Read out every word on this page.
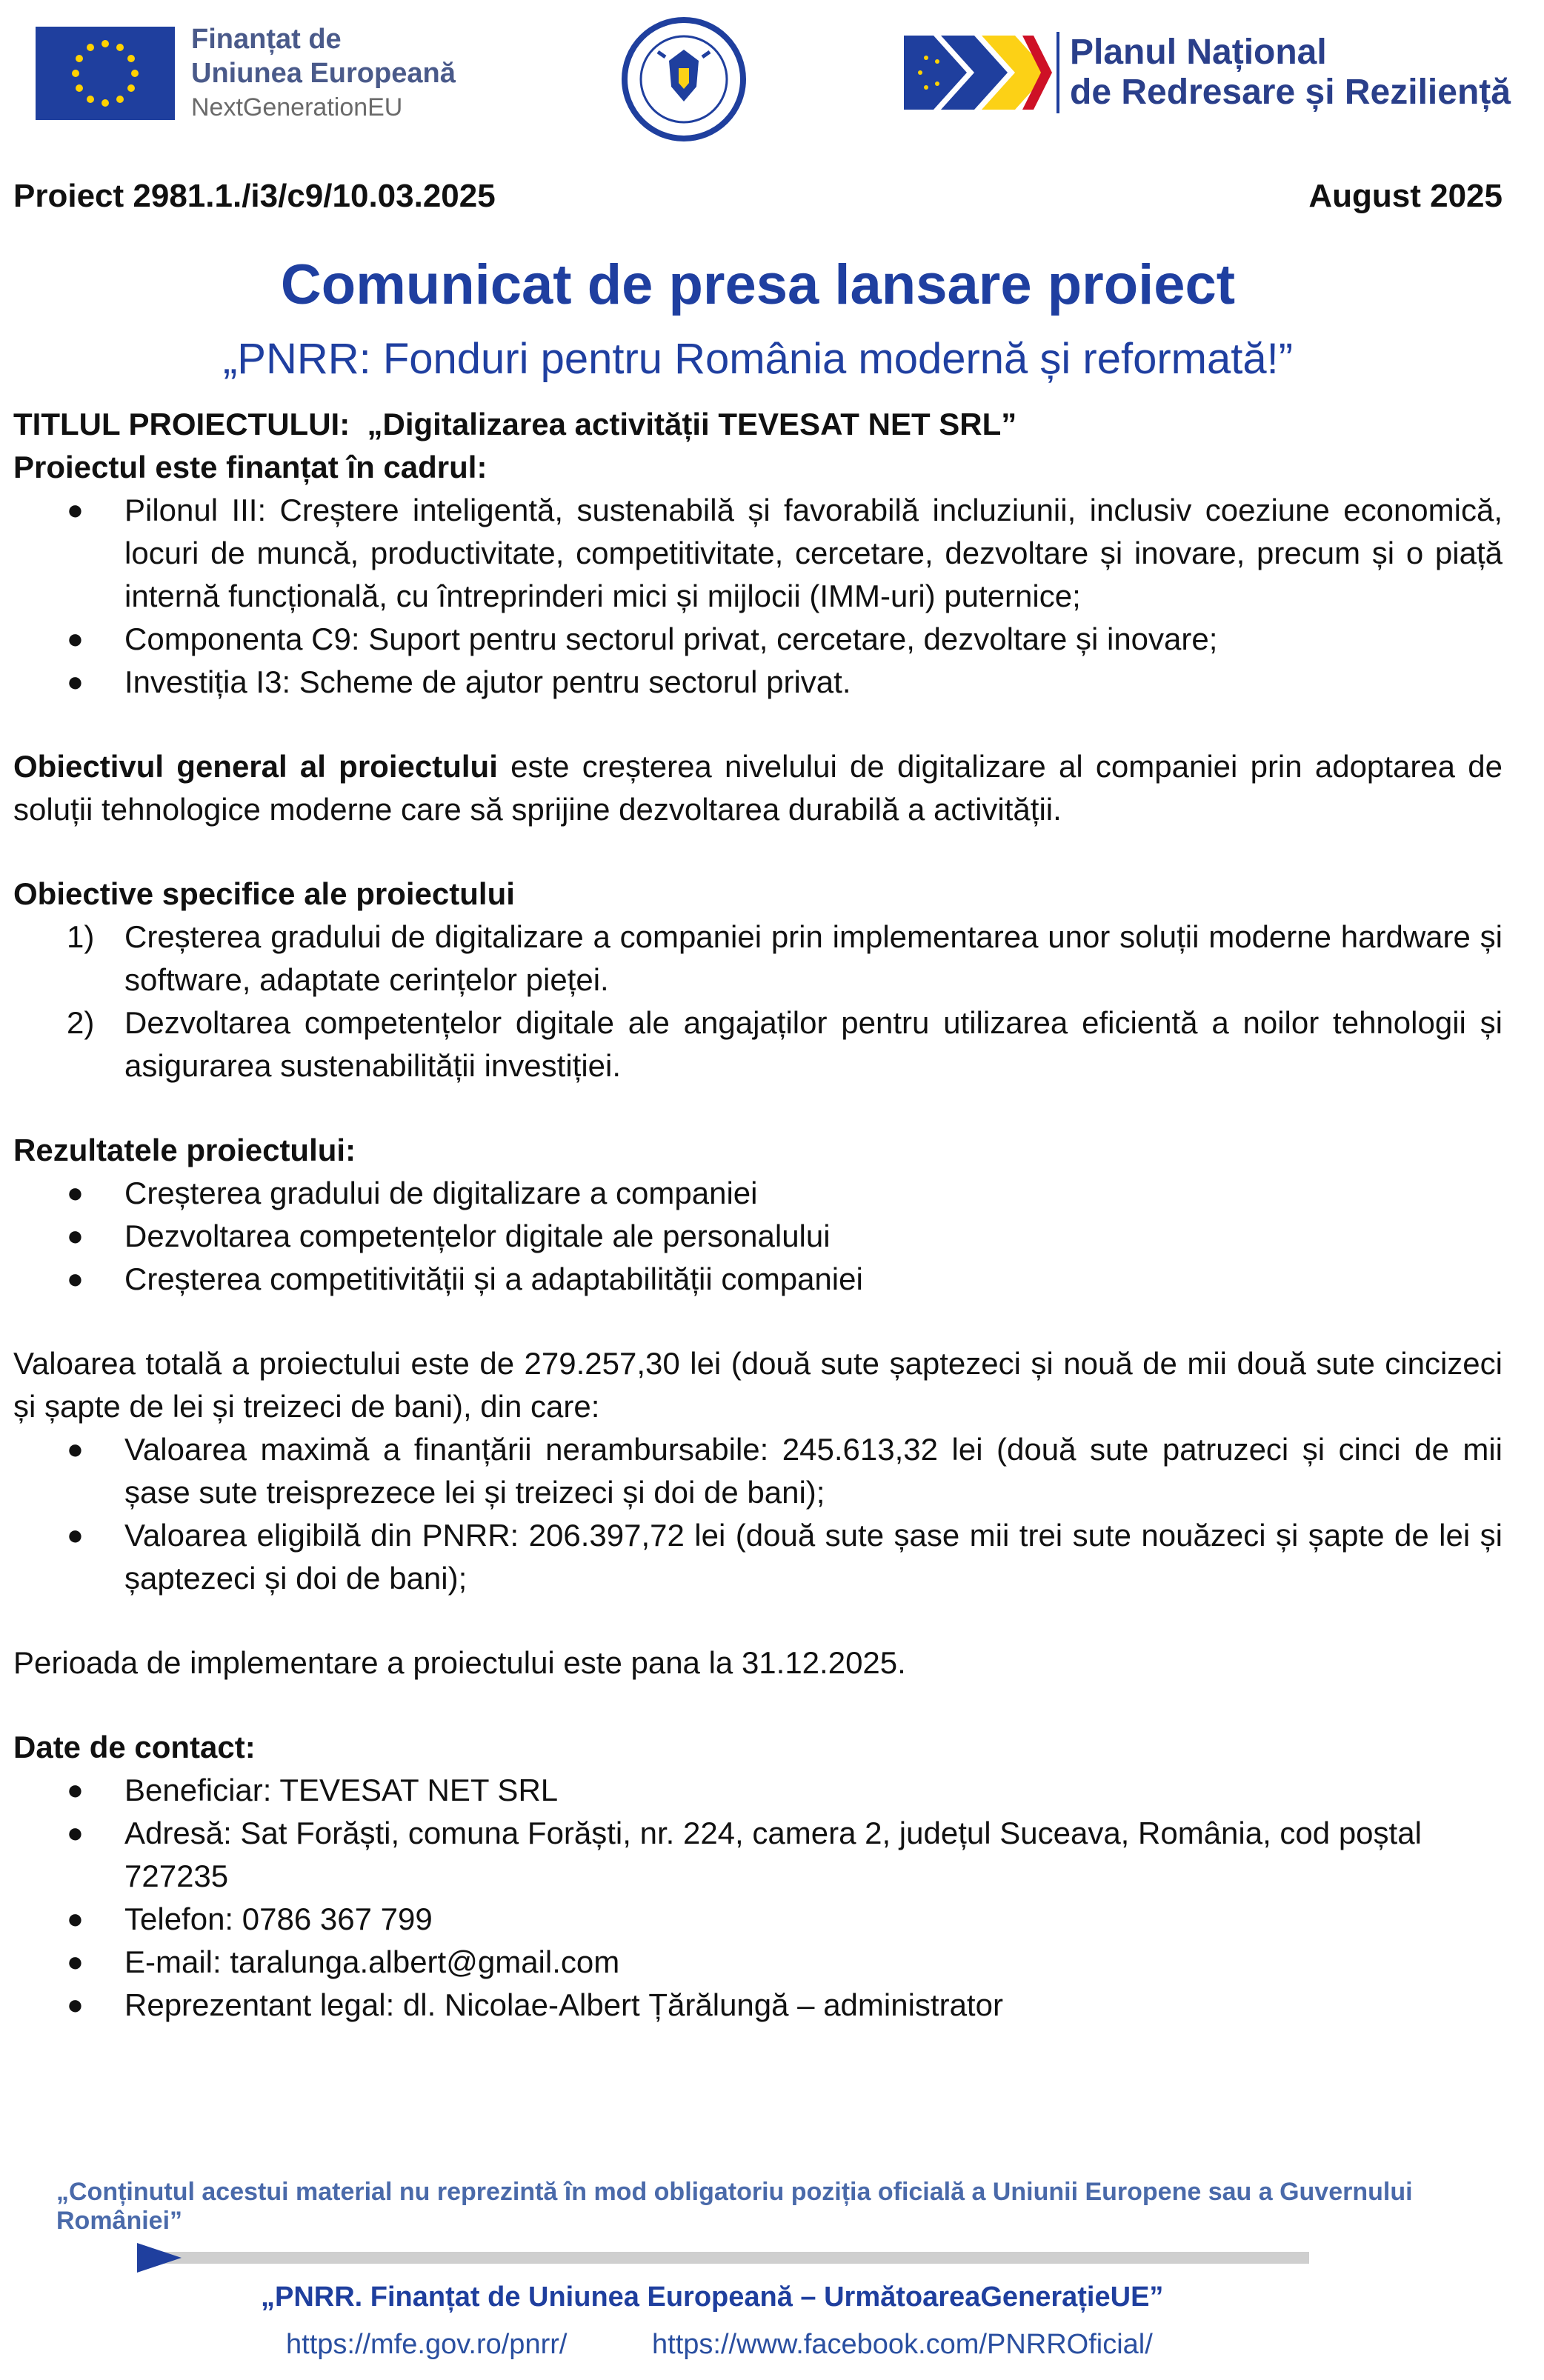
Finanțat de
Uniunea Europeană
NextGenerationEU
Planul Național
de Redresare și Reziliență
Proiect 2981.1./i3/c9/10.03.2025	August 2025
Comunicat de presa lansare proiect
„PNRR: Fonduri pentru România modernă și reformată!”
TITLUL PROIECTULUI: „Digitalizarea activității TEVESAT NET SRL”
Proiectul este finanțat în cadrul:
● Pilonul III: Creștere inteligentă, sustenabilă și favorabilă incluziunii, inclusiv coeziune economică, locuri de muncă, productivitate, competitivitate, cercetare, dezvoltare și inovare, precum și o piață internă funcțională, cu întreprinderi mici și mijlocii (IMM-uri) puternice;
● Componenta C9: Suport pentru sectorul privat, cercetare, dezvoltare și inovare;
● Investiția I3: Scheme de ajutor pentru sectorul privat.
Obiectivul general al proiectului este creșterea nivelului de digitalizare al companiei prin adoptarea de soluții tehnologice moderne care să sprijine dezvoltarea durabilă a activității.
Obiective specifice ale proiectului
1) Creșterea gradului de digitalizare a companiei prin implementarea unor soluții moderne hardware și software, adaptate cerințelor pieței.
2) Dezvoltarea competențelor digitale ale angajaților pentru utilizarea eficientă a noilor tehnologii și asigurarea sustenabilității investiției.
Rezultatele proiectului:
● Creșterea gradului de digitalizare a companiei
● Dezvoltarea competențelor digitale ale personalului
● Creșterea competitivității și a adaptabilității companiei
Valoarea totală a proiectului este de 279.257,30 lei (două sute șaptezeci și nouă de mii două sute cincizeci și șapte de lei și treizeci de bani), din care:
● Valoarea maximă a finanțării nerambursabile: 245.613,32 lei (două sute patruzeci și cinci de mii șase sute treisprezece lei și treizeci și doi de bani);
● Valoarea eligibilă din PNRR: 206.397,72 lei (două sute șase mii trei sute nouăzeci și șapte de lei și șaptezeci și doi de bani);
Perioada de implementare a proiectului este pana la 31.12.2025.
Date de contact:
● Beneficiar: TEVESAT NET SRL
● Adresă: Sat Forăști, comuna Forăști, nr. 224, camera 2, județul Suceava, România, cod poștal 727235
● Telefon: 0786 367 799
● E-mail: taralunga.albert@gmail.com
● Reprezentant legal: dl. Nicolae-Albert Țărălungă – administrator
„Conținutul acestui material nu reprezintă în mod obligatoriu poziția oficială a Uniunii Europene sau a Guvernului României”
„PNRR. Finanțat de Uniunea Europeană – UrmătoareaGenerațieUE”
https://mfe.gov.ro/pnrr/	https://www.facebook.com/PNRROficial/
